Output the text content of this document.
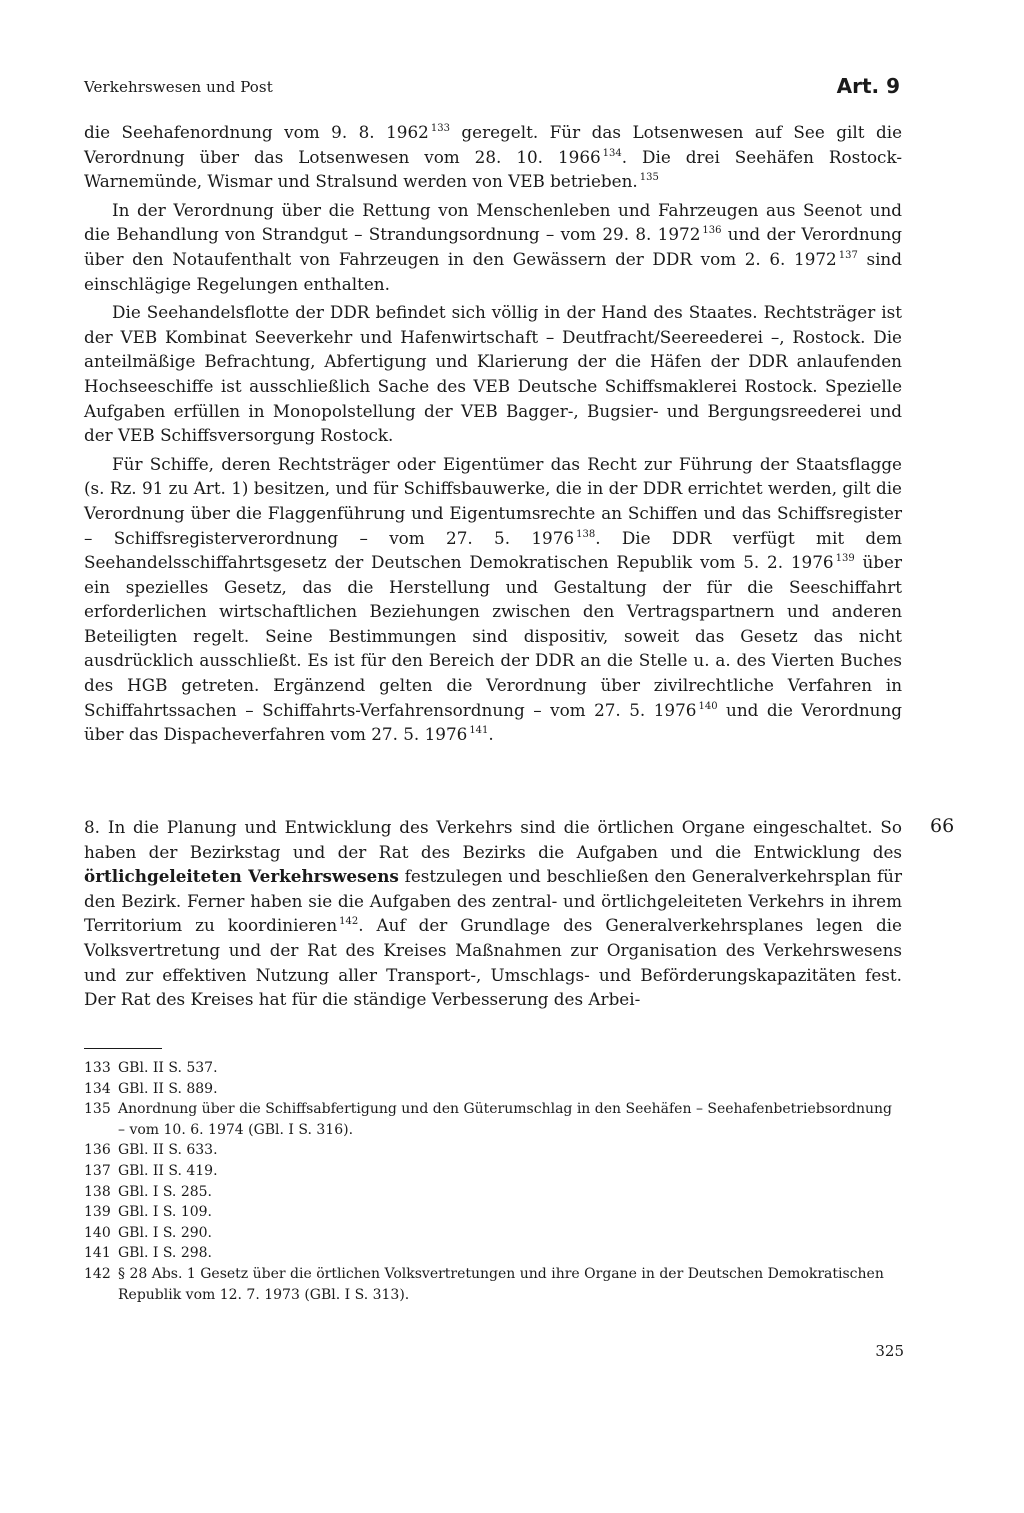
Verkehrswesen und Post	Art. 9

die Seehafenordnung vom 9. 8. 1962 $^{133}$ geregelt. Für das Lotsenwesen auf See gilt die Verordnung über das Lotsenwesen vom 28. 10. 1966 $^{134}$. Die drei Seehäfen Rostock-Warnemünde, Wismar und Stralsund werden von VEB betrieben. $^{135}$

In der Verordnung über die Rettung von Menschenleben und Fahrzeugen aus Seenot und die Behandlung von Strandgut – Strandungsordnung – vom 29. 8. 1972 $^{136}$ und der Verordnung über den Notaufenthalt von Fahrzeugen in den Gewässern der DDR vom 2. 6. 1972 $^{137}$ sind einschlägige Regelungen enthalten.

Die Seehandelsflotte der DDR befindet sich völlig in der Hand des Staates. Rechtsträger ist der VEB Kombinat Seeverkehr und Hafenwirtschaft – Deutfracht/Seereederei –, Rostock. Die anteilmäßige Befrachtung, Abfertigung und Klarierung der die Häfen der DDR anlaufenden Hochseeschiffe ist ausschließlich Sache des VEB Deutsche Schiffsmaklerei Rostock. Spezielle Aufgaben erfüllen in Monopolstellung der VEB Bagger-, Bugsier- und Bergungsreederei und der VEB Schiffsversorgung Rostock.

Für Schiffe, deren Rechtsträger oder Eigentümer das Recht zur Führung der Staatsflagge (s. Rz. 91 zu Art. 1) besitzen, und für Schiffsbauwerke, die in der DDR errichtet werden, gilt die Verordnung über die Flaggenführung und Eigentumsrechte an Schiffen und das Schiffsregister – Schiffsregisterverordnung – vom 27. 5. 1976 $^{138}$. Die DDR verfügt mit dem Seehandelsschiffahrtsgesetz der Deutschen Demokratischen Republik vom 5. 2. 1976 $^{139}$ über ein spezielles Gesetz, das die Herstellung und Gestaltung der für die Seeschiffahrt erforderlichen wirtschaftlichen Beziehungen zwischen den Vertragspartnern und anderen Beteiligten regelt. Seine Bestimmungen sind dispositiv, soweit das Gesetz das nicht ausdrücklich ausschließt. Es ist für den Bereich der DDR an die Stelle u. a. des Vierten Buches des HGB getreten. Ergänzend gelten die Verordnung über zivilrechtliche Verfahren in Schiffahrtssachen – Schiffahrts-Verfahrensordnung – vom 27. 5. 1976 $^{140}$ und die Verordnung über das Dispacheverfahren vom 27. 5. 1976 $^{141}$.

66

8. In die Planung und Entwicklung des Verkehrs sind die örtlichen Organe eingeschaltet. So haben der Bezirkstag und der Rat des Bezirks die Aufgaben und die Entwicklung des örtlichgeleiteten Verkehrswesens festzulegen und beschließen den Generalverkehrsplan für den Bezirk. Ferner haben sie die Aufgaben des zentral- und örtlichgeleiteten Verkehrs in ihrem Territorium zu koordinieren $^{142}$. Auf der Grundlage des Generalverkehrsplanes legen die Volksvertretung und der Rat des Kreises Maßnahmen zur Organisation des Verkehrswesens und zur effektiven Nutzung aller Transport-, Umschlags- und Beförderungskapazitäten fest. Der Rat des Kreises hat für die ständige Verbesserung des Arbei-

133 GBl. II S. 537.
134 GBl. II S. 889.
135 Anordnung über die Schiffsabfertigung und den Güterumschlag in den Seehäfen – Seehafenbetriebsordnung – vom 10. 6. 1974 (GBl. I S. 316).
136 GBl. II S. 633.
137 GBl. II S. 419.
138 GBl. I S. 285.
139 GBl. I S. 109.
140 GBl. I S. 290.
141 GBl. I S. 298.
142 § 28 Abs. 1 Gesetz über die örtlichen Volksvertretungen und ihre Organe in der Deutschen Demokratischen Republik vom 12. 7. 1973 (GBl. I S. 313).
325
